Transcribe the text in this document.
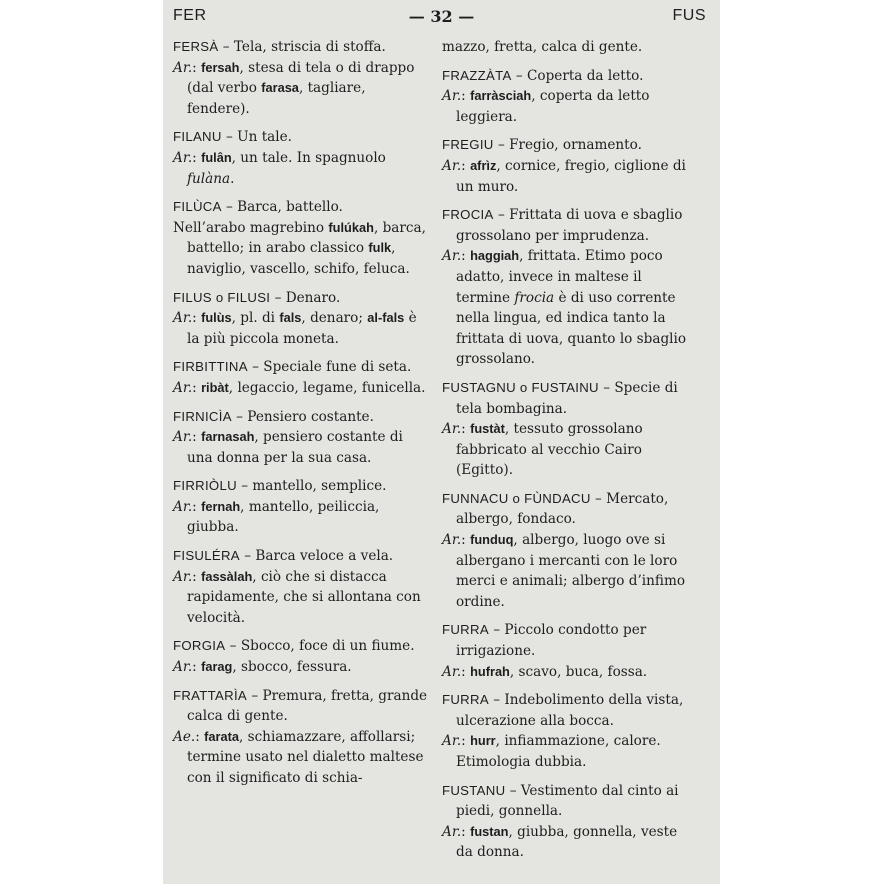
FER	— 32 —	FUS

FERSÀ – Tela, striscia di stoffa.

Ar.: fersah, stesa di tela o di drappo (dal verbo farasa, tagliare, fendere).

FILANU – Un tale.

Ar.: fulân, un tale. In spagnuolo fulàna.

FILÙCA – Barca, battello.

Nell’arabo magrebino fulúkah, barca, battello; in arabo classico fulk, naviglio, vascello, schifo, feluca.

FILUS o FILUSI – Denaro.

Ar.: fulùs, pl. di fals, denaro; al-fals è la più piccola moneta.

FIRBITTINA – Speciale fune di seta.

Ar.: ribàt, legaccio, legame, funicella.

FIRNICÌA – Pensiero costante.

Ar.: farnasah, pensiero costante di una donna per la sua casa.

FIRRIÒLU – mantello, semplice.

Ar.: fernah, mantello, peiliccia, giubba.

FISULÉRA – Barca veloce a vela.

Ar.: fassàlah, ciò che si distacca rapidamente, che si allontana con velocità.

FORGIA – Sbocco, foce di un fiume.

Ar.: farag, sbocco, fessura.

FRATTARÌA – Premura, fretta, grande calca di gente.

Ae.: farata, schiamazzare, affollarsi; termine usato nel dialetto maltese con il significato di schia-

mazzo, fretta, calca di gente.

FRAZZÀTA – Coperta da letto.

Ar.: farràsciah, coperta da letto leggiera.

FREGIU – Fregio, ornamento.

Ar.: afrìz, cornice, fregio, ciglione di un muro.

FROCIA – Frittata di uova e sbaglio grossolano per imprudenza.

Ar.: haggiah, frittata. Etimo poco adatto, invece in maltese il termine frocia è di uso corrente nella lingua, ed indica tanto la frittata di uova, quanto lo sbaglio grossolano.

FUSTAGNU o FUSTAINU – Specie di tela bombagina.

Ar.: fustàt, tessuto grossolano fabbricato al vecchio Cairo (Egitto).

FUNNACU o FÙNDACU – Mercato, albergo, fondaco.

Ar.: funduq, albergo, luogo ove si albergano i mercanti con le loro merci e animali; albergo d’infimo ordine.

FURRA – Piccolo condotto per irrigazione.

Ar.: hufrah, scavo, buca, fossa.

FURRA – Indebolimento della vista, ulcerazione alla bocca.

Ar.: hurr, infiammazione, calore. Etimologia dubbia.

FUSTANU – Vestimento dal cinto ai piedi, gonnella.

Ar.: fustan, giubba, gonnella, veste da donna.
